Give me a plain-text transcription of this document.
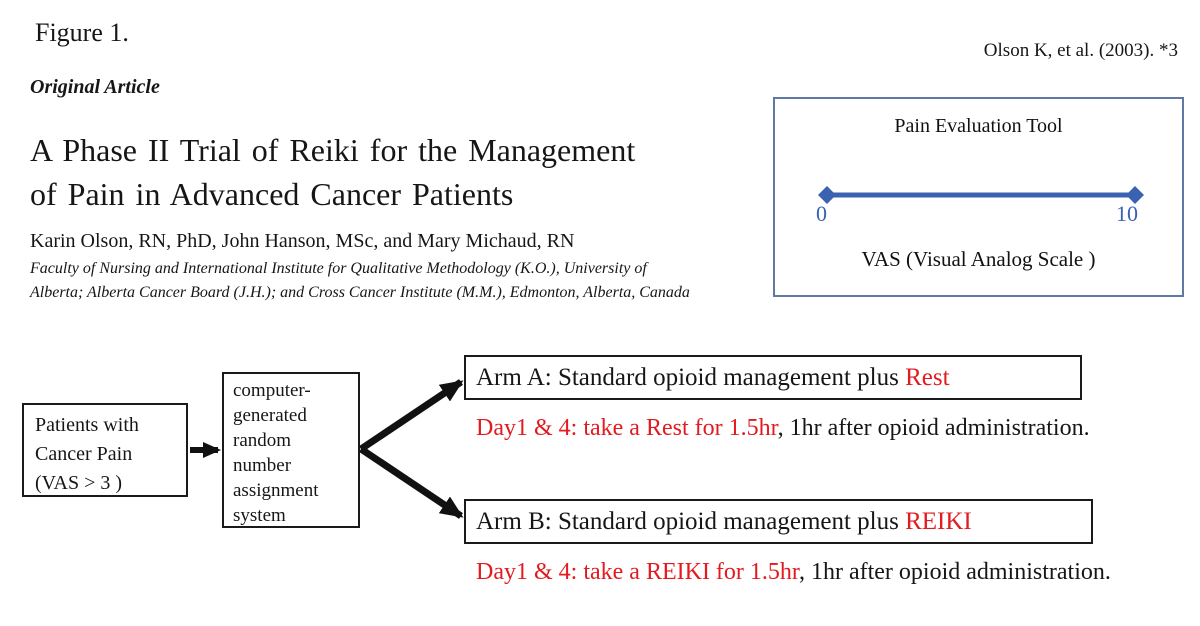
Figure 1.
Olson K, et al. (2003). *3
Original Article
A Phase II Trial of Reiki for the Management
of Pain in Advanced Cancer Patients
Karin Olson, RN, PhD, John Hanson, MSc, and Mary Michaud, RN
Faculty of Nursing and International Institute for Qualitative Methodology (K.O.), University of
Alberta; Alberta Cancer Board (J.H.); and Cross Cancer Institute (M.M.), Edmonton, Alberta, Canada
Pain Evaluation Tool
0	10
VAS (Visual Analog Scale )
Patients with
Cancer Pain
(VAS > 3 )
computer-
generated
random
number
assignment
system
Arm A: Standard opioid management plus Rest
Day1 & 4: take a Rest for 1.5hr, 1hr after opioid administration.
Arm B: Standard opioid management plus REIKI
Day1 & 4: take a REIKI for 1.5hr, 1hr after opioid administration.
